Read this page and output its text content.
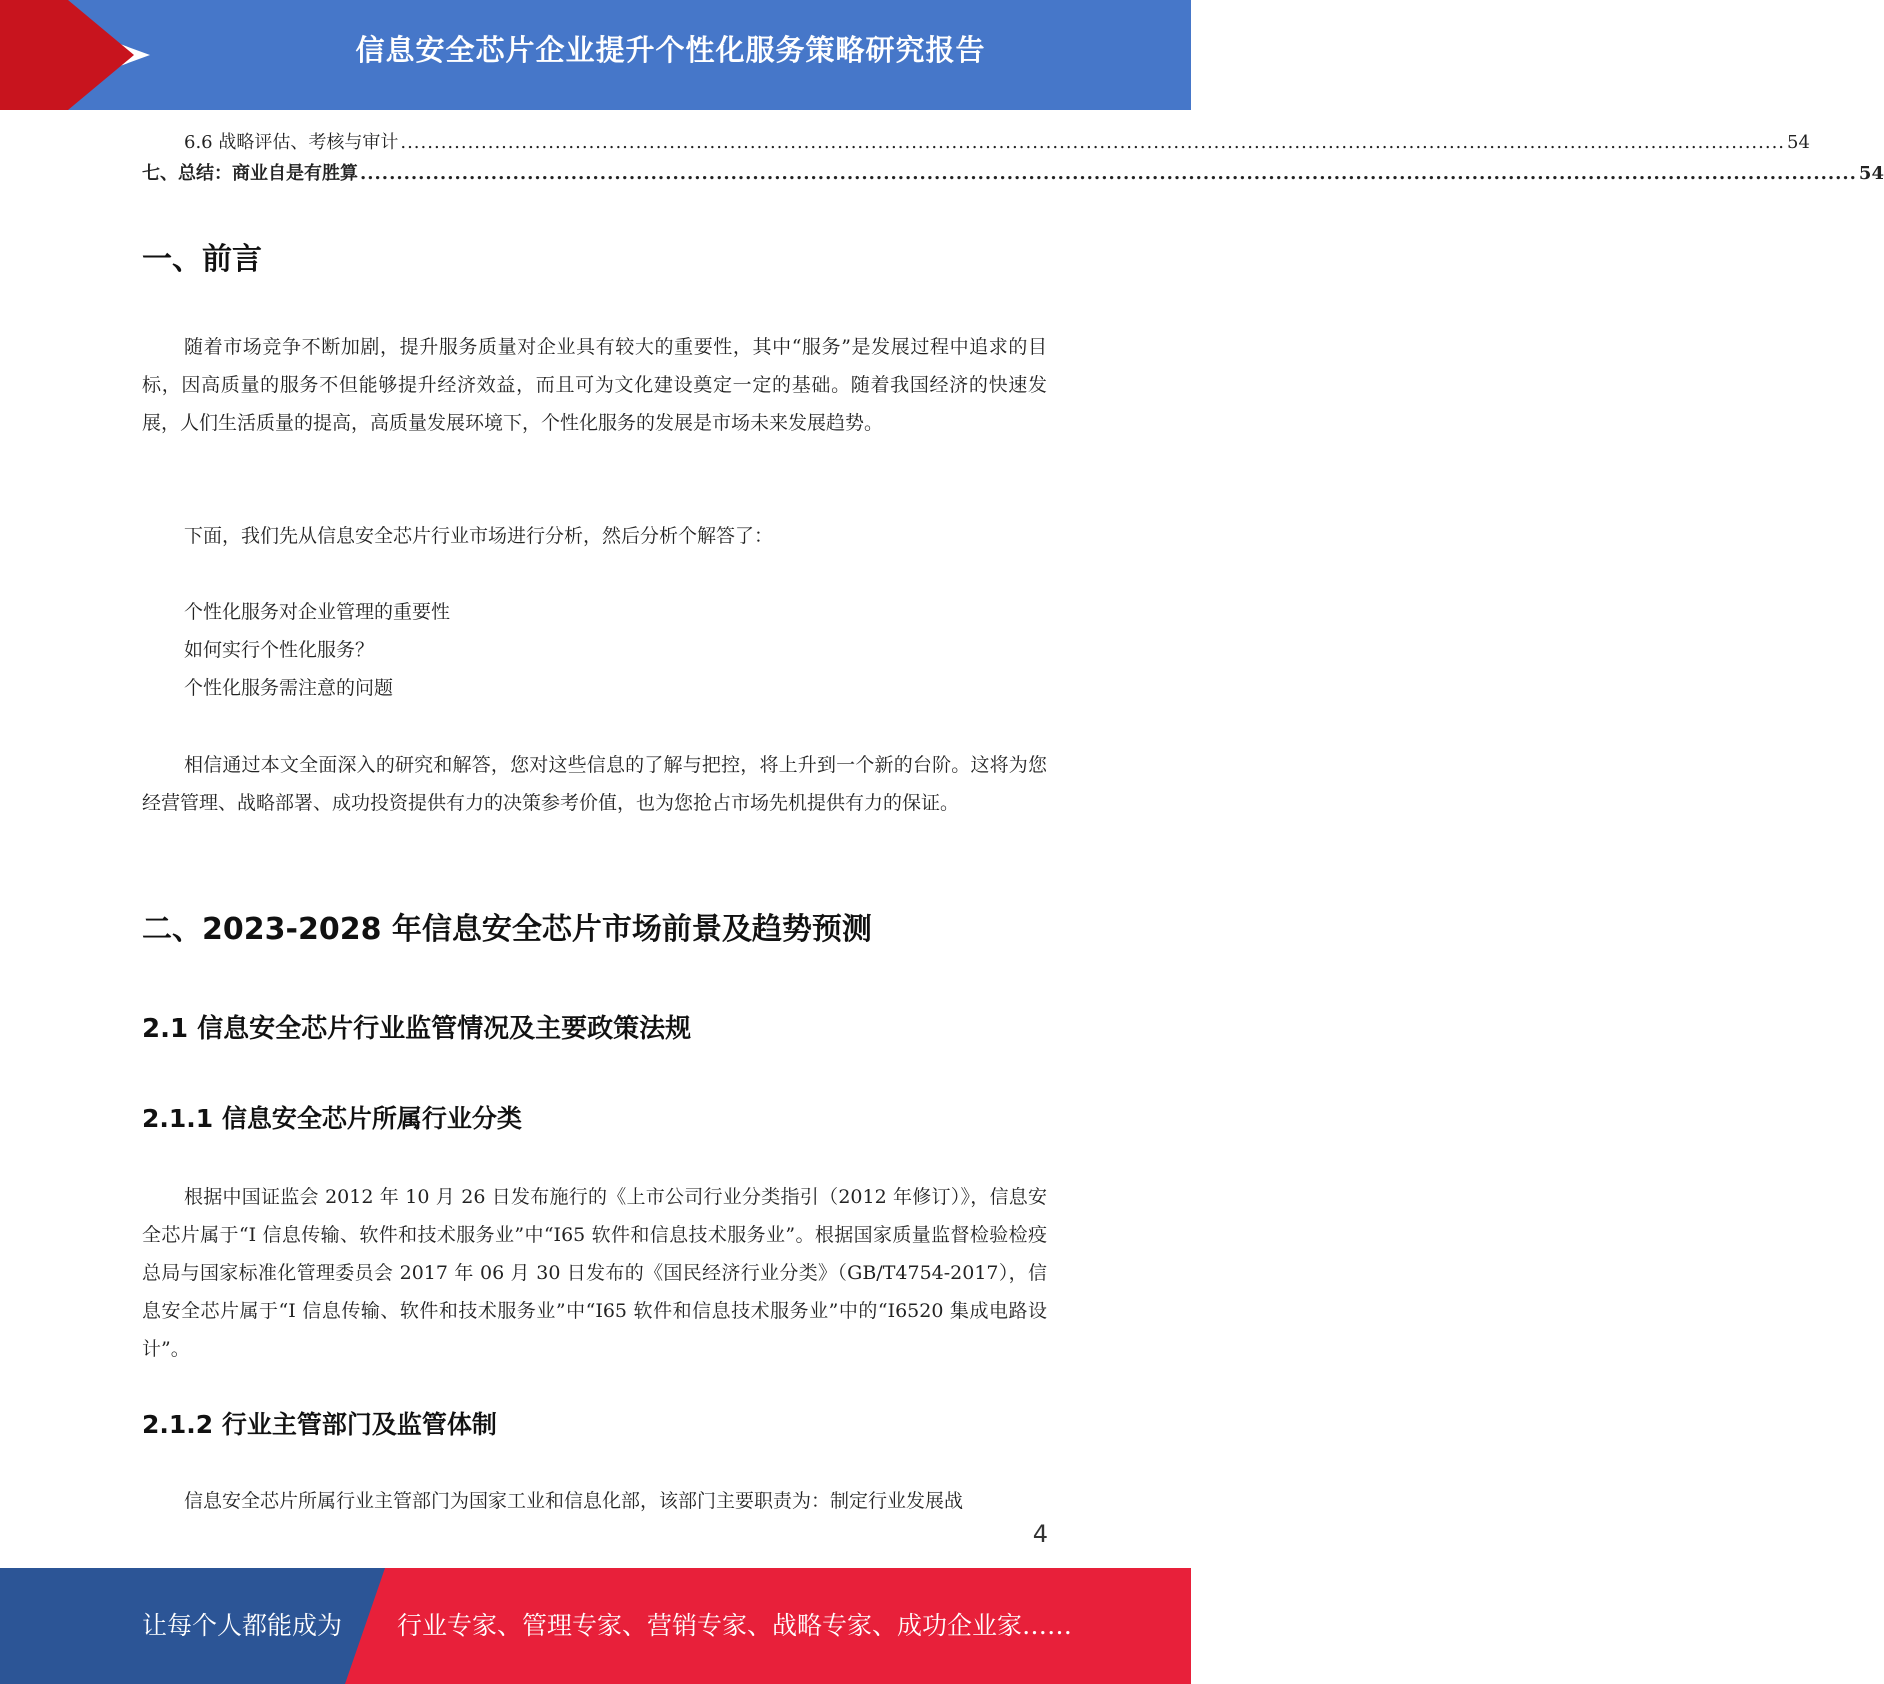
信息安全芯片企业提升个性化服务策略研究报告
6.6 战略评估、考核与审计 .............................................................................................................................................................................................................. 54
七、总结：商业自是有胜算 .............................................................................................................................................................................................................. 54
一、前言

随着市场竞争不断加剧，提升服务质量对企业具有较大的重要性，其中“服务”是发展过程中追求的目标，因高质量的服务不但能够提升经济效益，而且可为文化建设奠定一定的基础。随着我国经济的快速发展，人们生活质量的提高，高质量发展环境下，个性化服务的发展是市场未来发展趋势。

下面，我们先从信息安全芯片行业市场进行分析，然后分析个解答了：

个性化服务对企业管理的重要性
如何实行个性化服务？
个性化服务需注意的问题

相信通过本文全面深入的研究和解答，您对这些信息的了解与把控，将上升到一个新的台阶。这将为您经营管理、战略部署、成功投资提供有力的决策参考价值，也为您抢占市场先机提供有力的保证。

二、2023-2028 年信息安全芯片市场前景及趋势预测
2.1 信息安全芯片行业监管情况及主要政策法规
2.1.1 信息安全芯片所属行业分类

根据中国证监会 2012 年 10 月 26 日发布施行的《上市公司行业分类指引（2012 年修订）》，信息安全芯片属于“I 信息传输、软件和技术服务业”中“I65 软件和信息技术服务业”。根据国家质量监督检验检疫总局与国家标准化管理委员会 2017 年 06 月 30 日发布的《国民经济行业分类》（GB/T4754-2017），信息安全芯片属于“I 信息传输、软件和技术服务业”中“I65 软件和信息技术服务业”中的“I6520 集成电路设计”。

2.1.2 行业主管部门及监管体制

信息安全芯片所属行业主管部门为国家工业和信息化部，该部门主要职责为：制定行业发展战

4
让每个人都能成为 行业专家、管理专家、营销专家、战略专家、成功企业家……
